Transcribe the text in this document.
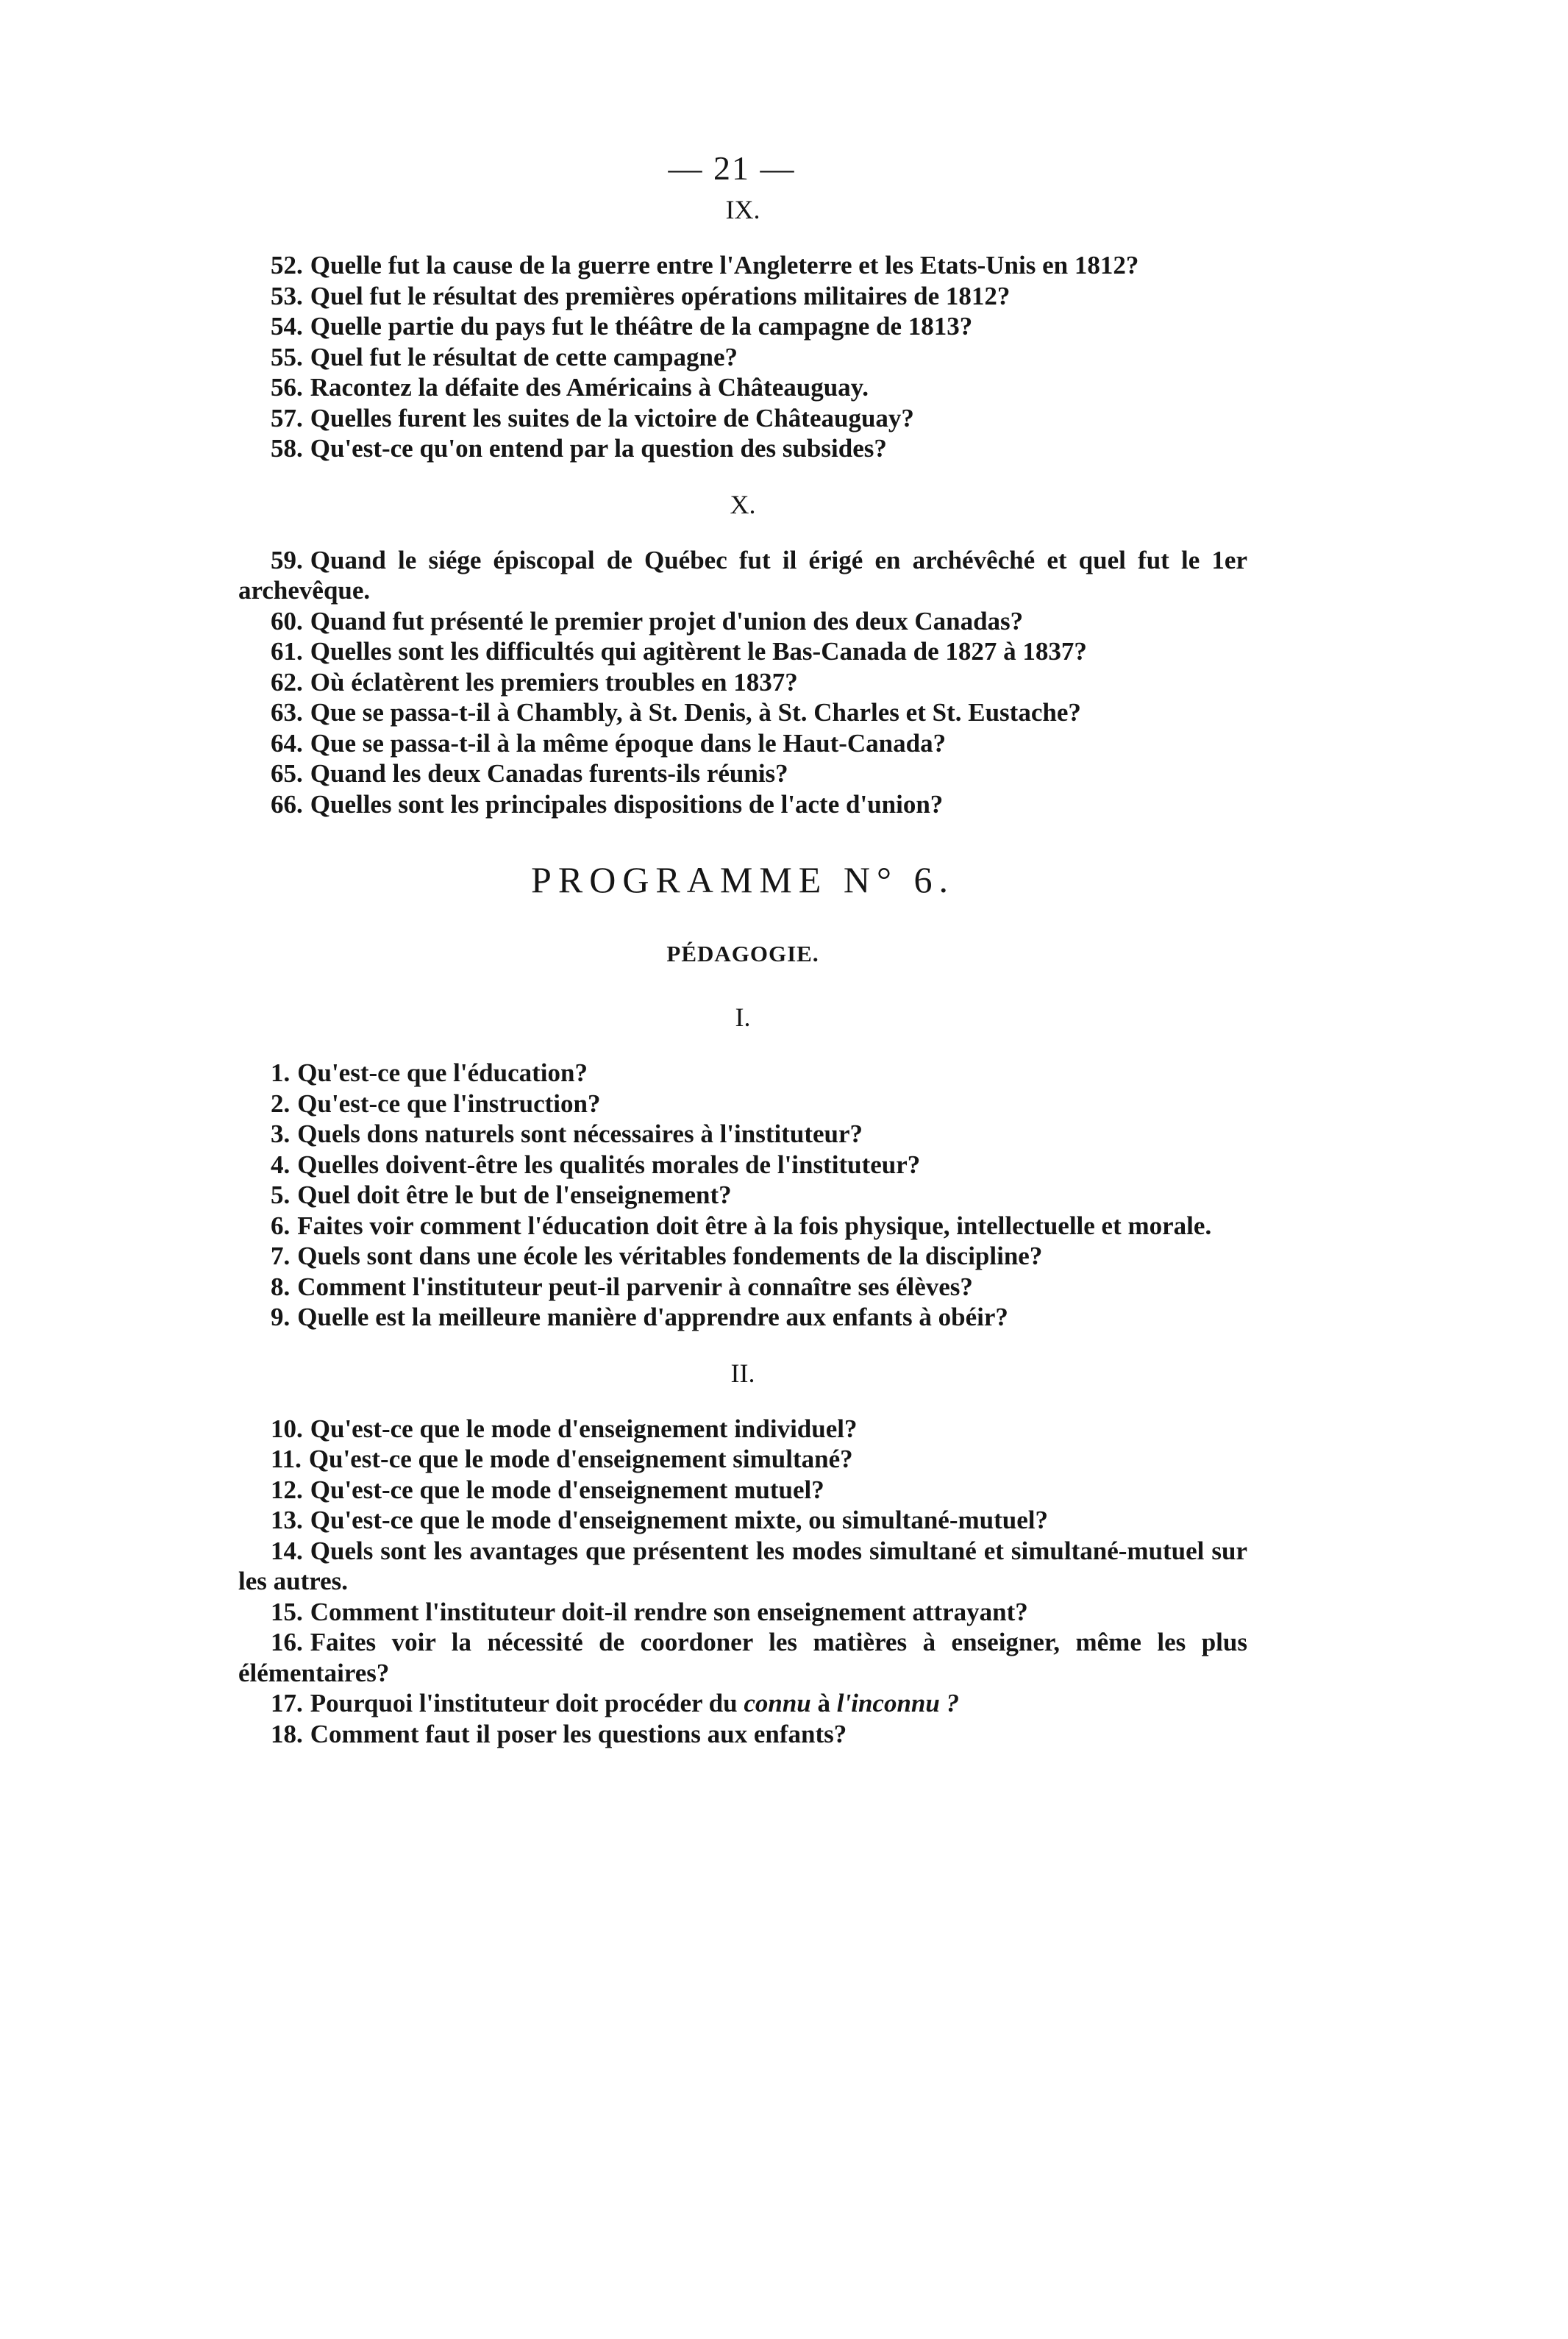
— 21 —
IX.

52. Quelle fut la cause de la guerre entre l'Angleterre et les Etats-Unis en 1812?

53. Quel fut le résultat des premières opérations militaires de 1812?

54. Quelle partie du pays fut le théâtre de la campagne de 1813?

55. Quel fut le résultat de cette campagne?

56. Racontez la défaite des Américains à Châteauguay.

57. Quelles furent les suites de la victoire de Châteauguay?

58. Qu'est-ce qu'on entend par la question des subsides?

X.

59. Quand le siége épiscopal de Québec fut il érigé en archévêché et quel fut le 1er archevêque.

60. Quand fut présenté le premier projet d'union des deux Canadas?

61. Quelles sont les difficultés qui agitèrent le Bas-Canada de 1827 à 1837?

62. Où éclatèrent les premiers troubles en 1837?

63. Que se passa-t-il à Chambly, à St. Denis, à St. Charles et St. Eustache?

64. Que se passa-t-il à la même époque dans le Haut-Canada?

65. Quand les deux Canadas furents-ils réunis?

66. Quelles sont les principales dispositions de l'acte d'union?

PROGRAMME N° 6.
PÉDAGOGIE.
I.

1. Qu'est-ce que l'éducation?

2. Qu'est-ce que l'instruction?

3. Quels dons naturels sont nécessaires à l'instituteur?

4. Quelles doivent-être les qualités morales de l'instituteur?

5. Quel doit être le but de l'enseignement?

6. Faites voir comment l'éducation doit être à la fois physique, intellectuelle et morale.

7. Quels sont dans une école les véritables fondements de la discipline?

8. Comment l'instituteur peut-il parvenir à connaître ses élèves?

9. Quelle est la meilleure manière d'apprendre aux enfants à obéir?

II.

10. Qu'est-ce que le mode d'enseignement individuel?

11. Qu'est-ce que le mode d'enseignement simultané?

12. Qu'est-ce que le mode d'enseignement mutuel?

13. Qu'est-ce que le mode d'enseignement mixte, ou simultané-mutuel?

14. Quels sont les avantages que présentent les modes simultané et simultané-mutuel sur les autres.

15. Comment l'instituteur doit-il rendre son enseignement attrayant?

16. Faites voir la nécessité de coordoner les matières à enseigner, même les plus élémentaires?

17. Pourquoi l'instituteur doit procéder du connu à l'inconnu ?

18. Comment faut il poser les questions aux enfants?
